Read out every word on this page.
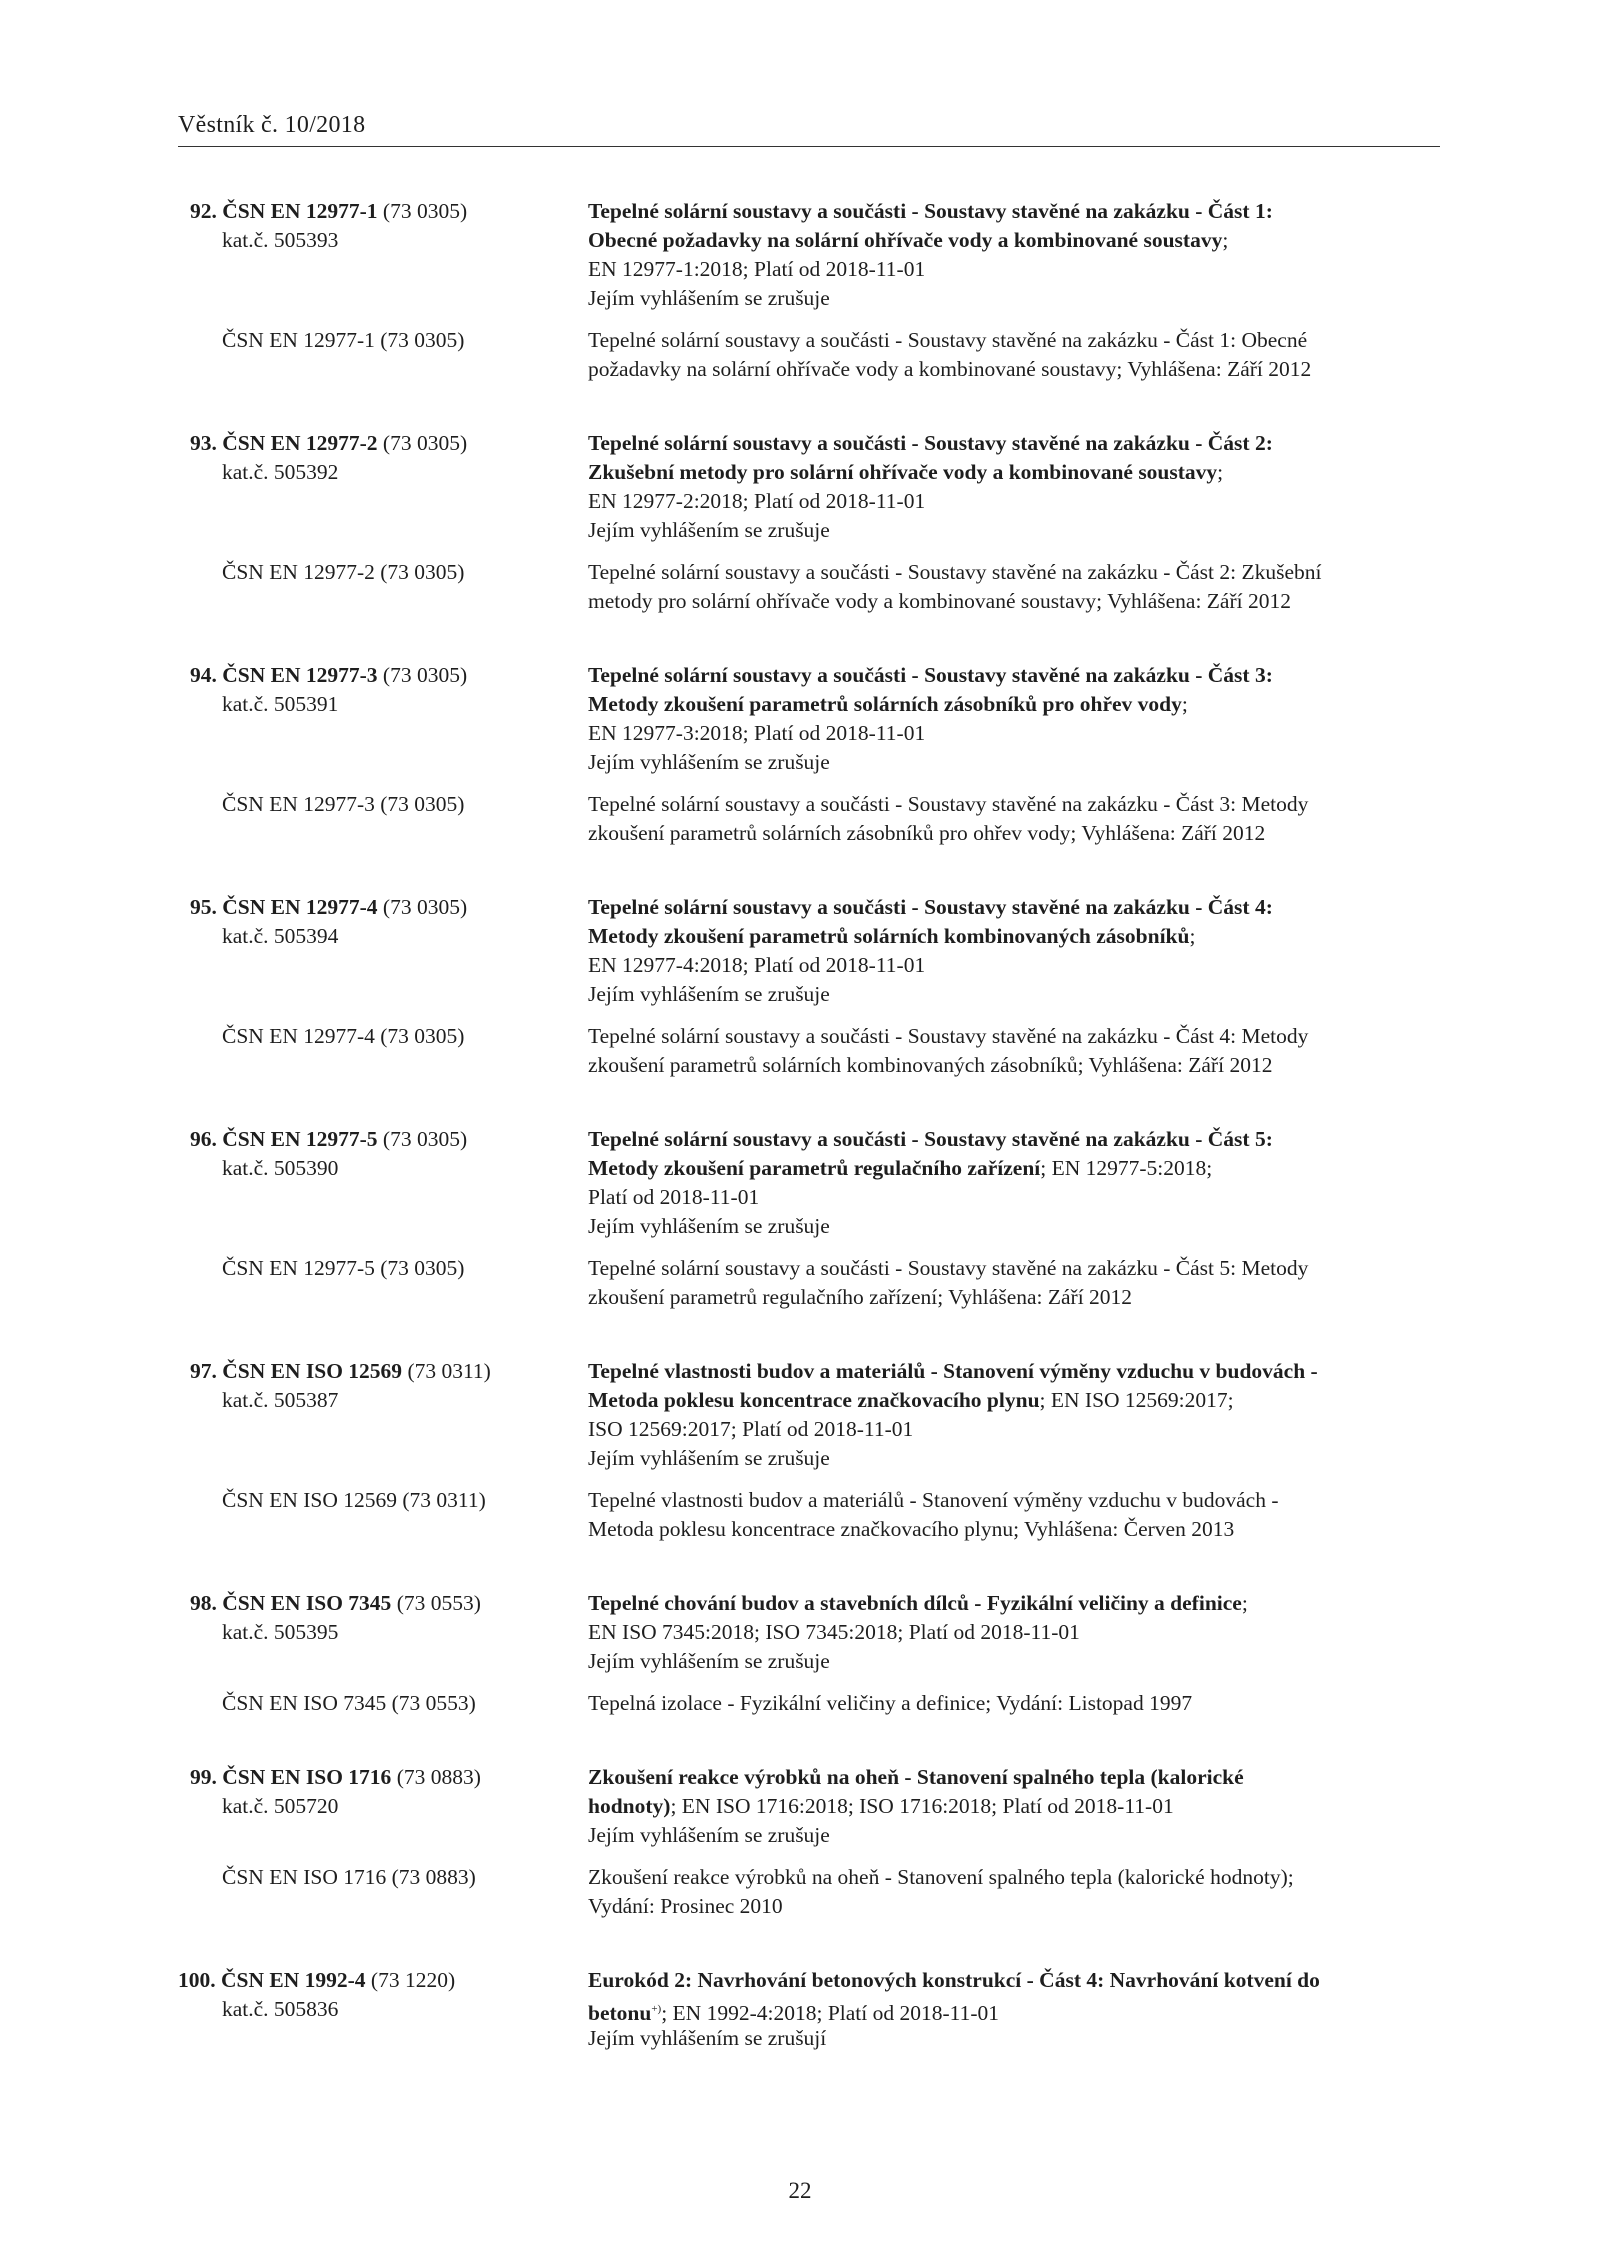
Věstník č. 10/2018
92. ČSN EN 12977-1 (73 0305)	Tepelné solární soustavy a součásti - Soustavy stavěné na zakázku - Část 1:
kat.č. 505393	Obecné požadavky na solární ohřívače vody a kombinované soustavy;
EN 12977-1:2018; Platí od 2018-11-01
Jejím vyhlášením se zrušuje
ČSN EN 12977-1 (73 0305)	Tepelné solární soustavy a součásti - Soustavy stavěné na zakázku - Část 1: Obecné
požadavky na solární ohřívače vody a kombinované soustavy; Vyhlášena: Září 2012
93. ČSN EN 12977-2 (73 0305)	Tepelné solární soustavy a součásti - Soustavy stavěné na zakázku - Část 2:
kat.č. 505392	Zkušební metody pro solární ohřívače vody a kombinované soustavy;
EN 12977-2:2018; Platí od 2018-11-01
Jejím vyhlášením se zrušuje
ČSN EN 12977-2 (73 0305)	Tepelné solární soustavy a součásti - Soustavy stavěné na zakázku - Část 2: Zkušební
metody pro solární ohřívače vody a kombinované soustavy; Vyhlášena: Září 2012
94. ČSN EN 12977-3 (73 0305)	Tepelné solární soustavy a součásti - Soustavy stavěné na zakázku - Část 3:
kat.č. 505391	Metody zkoušení parametrů solárních zásobníků pro ohřev vody;
EN 12977-3:2018; Platí od 2018-11-01
Jejím vyhlášením se zrušuje
ČSN EN 12977-3 (73 0305)	Tepelné solární soustavy a součásti - Soustavy stavěné na zakázku - Část 3: Metody
zkoušení parametrů solárních zásobníků pro ohřev vody; Vyhlášena: Září 2012
95. ČSN EN 12977-4 (73 0305)	Tepelné solární soustavy a součásti - Soustavy stavěné na zakázku - Část 4:
kat.č. 505394	Metody zkoušení parametrů solárních kombinovaných zásobníků;
EN 12977-4:2018; Platí od 2018-11-01
Jejím vyhlášením se zrušuje
ČSN EN 12977-4 (73 0305)	Tepelné solární soustavy a součásti - Soustavy stavěné na zakázku - Část 4: Metody
zkoušení parametrů solárních kombinovaných zásobníků; Vyhlášena: Září 2012
96. ČSN EN 12977-5 (73 0305)	Tepelné solární soustavy a součásti - Soustavy stavěné na zakázku - Část 5:
kat.č. 505390	Metody zkoušení parametrů regulačního zařízení; EN 12977-5:2018;
Platí od 2018-11-01
Jejím vyhlášením se zrušuje
ČSN EN 12977-5 (73 0305)	Tepelné solární soustavy a součásti - Soustavy stavěné na zakázku - Část 5: Metody
zkoušení parametrů regulačního zařízení; Vyhlášena: Září 2012
97. ČSN EN ISO 12569 (73 0311)	Tepelné vlastnosti budov a materiálů - Stanovení výměny vzduchu v budovách -
kat.č. 505387	Metoda poklesu koncentrace značkovacího plynu; EN ISO 12569:2017;
ISO 12569:2017; Platí od 2018-11-01
Jejím vyhlášením se zrušuje
ČSN EN ISO 12569 (73 0311)	Tepelné vlastnosti budov a materiálů - Stanovení výměny vzduchu v budovách -
Metoda poklesu koncentrace značkovacího plynu; Vyhlášena: Červen 2013
98. ČSN EN ISO 7345 (73 0553)	Tepelné chování budov a stavebních dílců - Fyzikální veličiny a definice;
kat.č. 505395	EN ISO 7345:2018; ISO 7345:2018; Platí od 2018-11-01
Jejím vyhlášením se zrušuje
ČSN EN ISO 7345 (73 0553)	Tepelná izolace - Fyzikální veličiny a definice; Vydání: Listopad 1997
99. ČSN EN ISO 1716 (73 0883)	Zkoušení reakce výrobků na oheň - Stanovení spalného tepla (kalorické
kat.č. 505720	hodnoty); EN ISO 1716:2018; ISO 1716:2018; Platí od 2018-11-01
Jejím vyhlášením se zrušuje
ČSN EN ISO 1716 (73 0883)	Zkoušení reakce výrobků na oheň - Stanovení spalného tepla (kalorické hodnoty);
Vydání: Prosinec 2010
100. ČSN EN 1992-4 (73 1220)	Eurokód 2: Navrhování betonových konstrukcí - Část 4: Navrhování kotvení do
kat.č. 505836	betonu+); EN 1992-4:2018; Platí od 2018-11-01
Jejím vyhlášením se zrušují
22
